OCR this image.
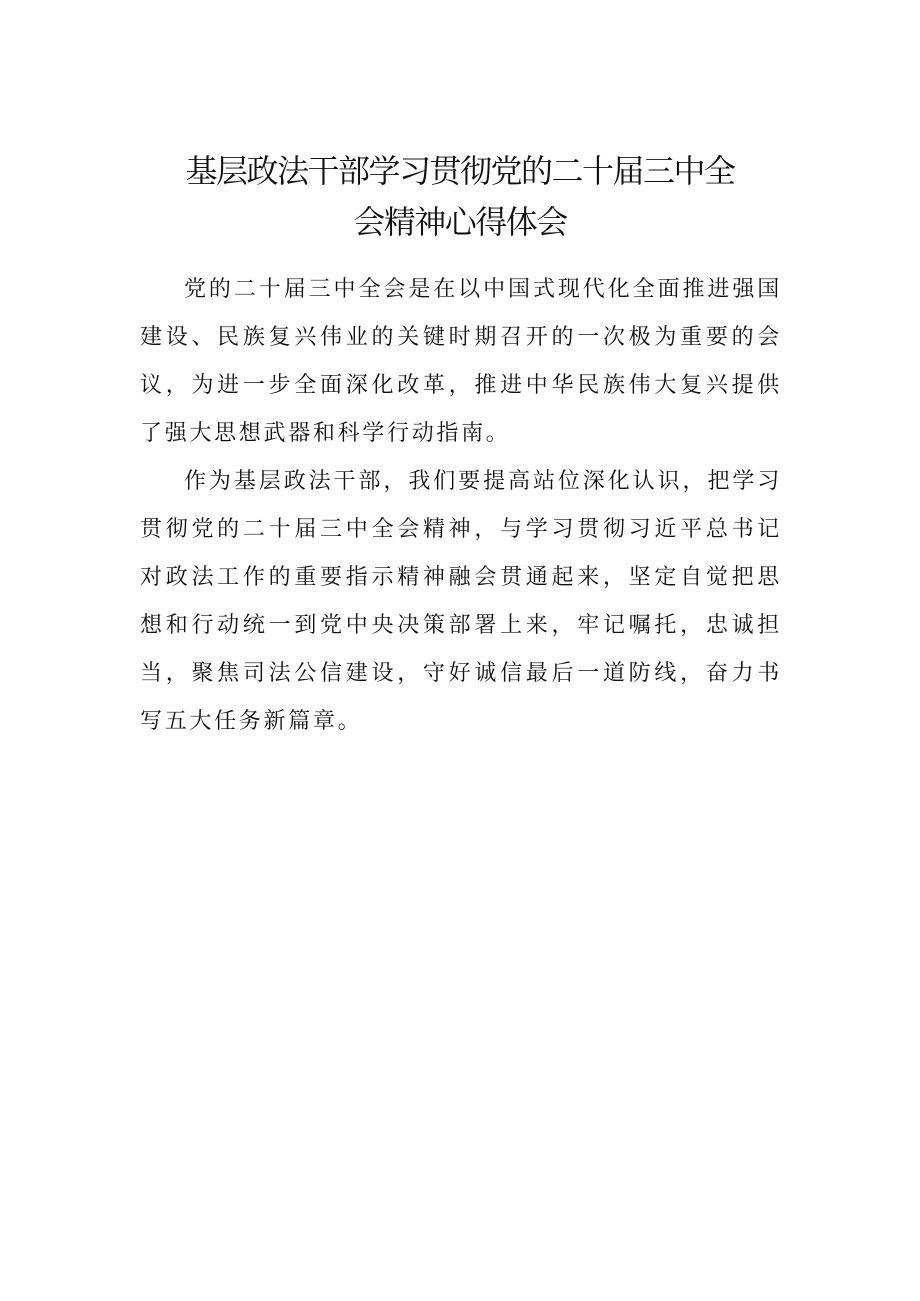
基层政法干部学习贯彻党的二十届三中全
会精神心得体会

党的二十届三中全会是在以中国式现代化全面推进强国建设、民族复兴伟业的关键时期召开的一次极为重要的会议，为进一步全面深化改革，推进中华民族伟大复兴提供了强大思想武器和科学行动指南。

作为基层政法干部，我们要提高站位深化认识，把学习贯彻党的二十届三中全会精神，与学习贯彻习近平总书记对政法工作的重要指示精神融会贯通起来，坚定自觉把思想和行动统一到党中央决策部署上来，牢记嘱托，忠诚担当，聚焦司法公信建设，守好诚信最后一道防线，奋力书写五大任务新篇章。
